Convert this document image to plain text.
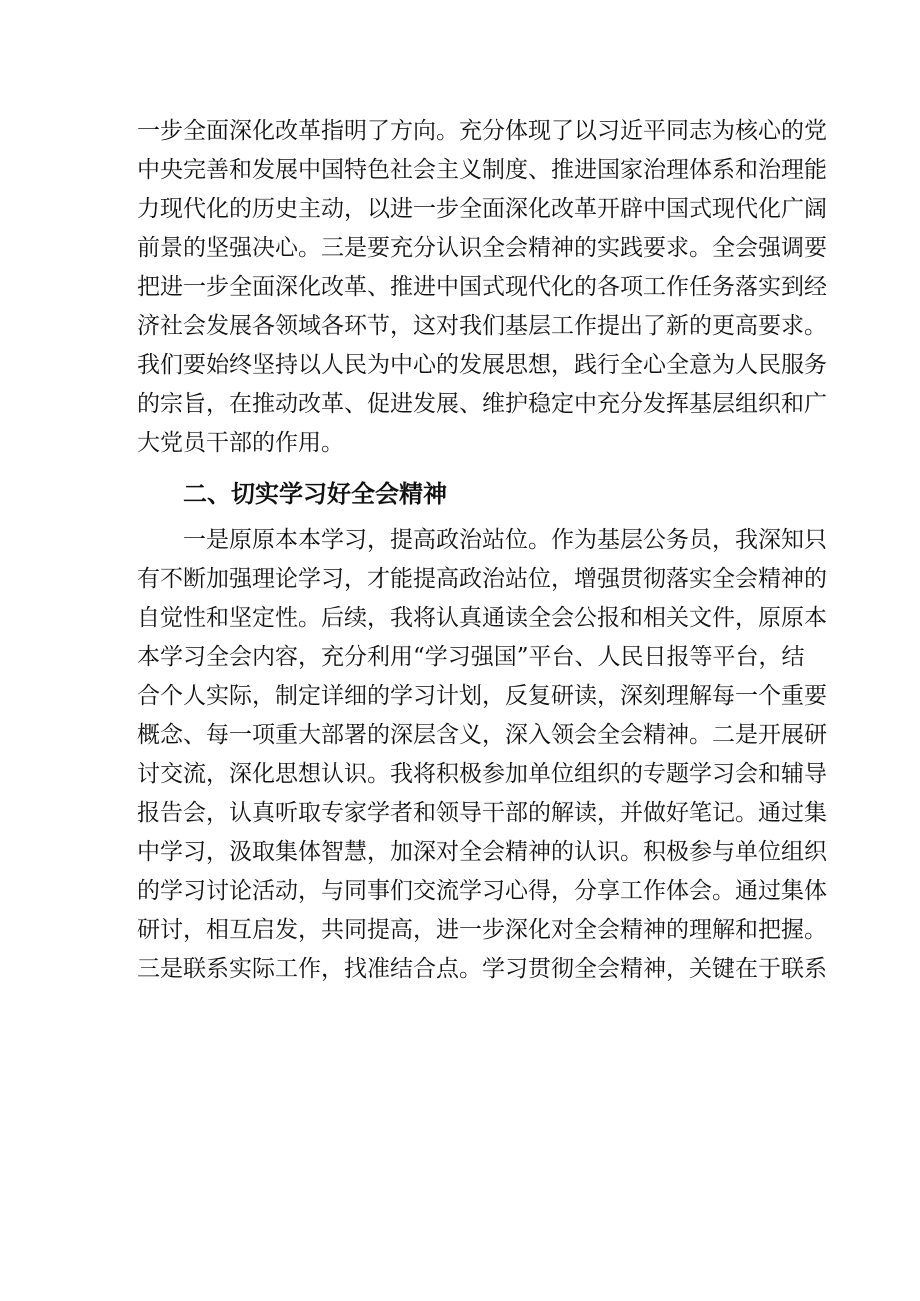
一步全面深化改革指明了方向。充分体现了以习近平同志为核心的党
中央完善和发展中国特色社会主义制度、推进国家治理体系和治理能
力现代化的历史主动，以进一步全面深化改革开辟中国式现代化广阔
前景的坚强决心。三是要充分认识全会精神的实践要求。全会强调要
把进一步全面深化改革、推进中国式现代化的各项工作任务落实到经
济社会发展各领域各环节，这对我们基层工作提出了新的更高要求。
我们要始终坚持以人民为中心的发展思想，践行全心全意为人民服务
的宗旨，在推动改革、促进发展、维护稳定中充分发挥基层组织和广
大党员干部的作用。
二、切实学习好全会精神
一是原原本本学习，提高政治站位。作为基层公务员，我深知只
有不断加强理论学习，才能提高政治站位，增强贯彻落实全会精神的
自觉性和坚定性。后续，我将认真通读全会公报和相关文件，原原本
本学习全会内容，充分利用“学习强国”平台、人民日报等平台，结
合个人实际，制定详细的学习计划，反复研读，深刻理解每一个重要
概念、每一项重大部署的深层含义，深入领会全会精神。二是开展研
讨交流，深化思想认识。我将积极参加单位组织的专题学习会和辅导
报告会，认真听取专家学者和领导干部的解读，并做好笔记。通过集
中学习，汲取集体智慧，加深对全会精神的认识。积极参与单位组织
的学习讨论活动，与同事们交流学习心得，分享工作体会。通过集体
研讨，相互启发，共同提高，进一步深化对全会精神的理解和把握。
三是联系实际工作，找准结合点。学习贯彻全会精神，关键在于联系
